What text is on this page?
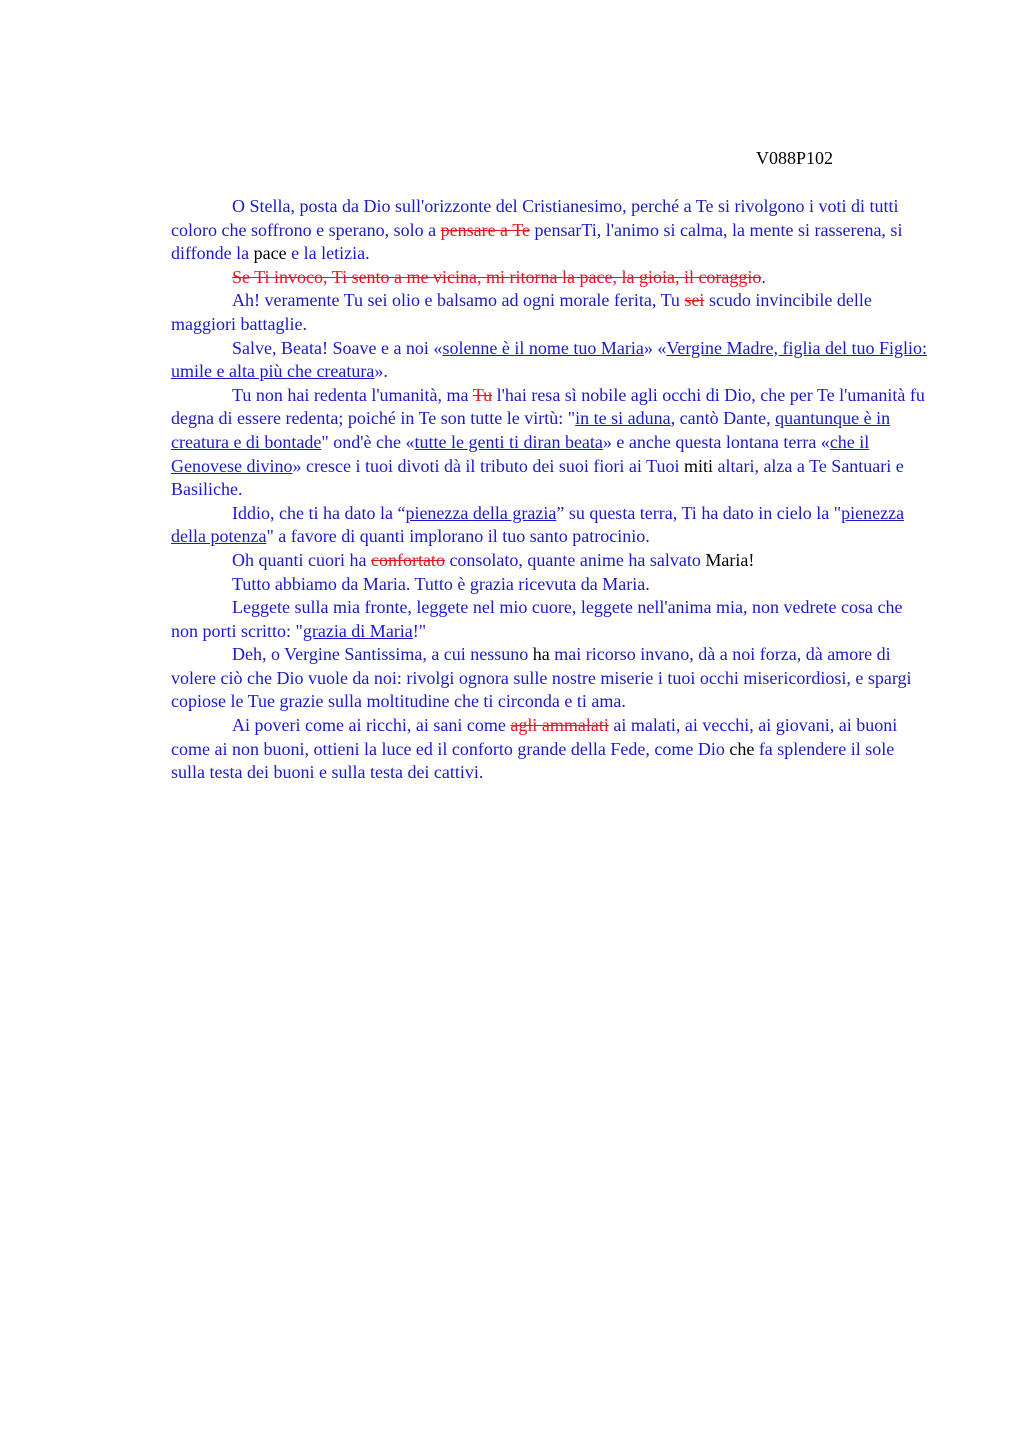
V088P102

O Stella, posta da Dio sull'orizzonte del Cristianesimo, perché a Te si rivolgono i voti di tutti coloro che soffrono e sperano, solo a pensare a Te pensarTi, l'animo si calma, la mente si rasserena, si diffonde la pace e la letizia.

Se Ti invoco, Ti sento a me vicina, mi ritorna la pace, la gioia, il coraggio.

Ah! veramente Tu sei olio e balsamo ad ogni morale ferita, Tu sei scudo invincibile delle maggiori battaglie.

Salve, Beata! Soave e a noi «solenne è il nome tuo Maria» «Vergine Madre, figlia del tuo Figlio: umile e alta più che creatura».

Tu non hai redenta l'umanità, ma Tu l'hai resa sì nobile agli occhi di Dio, che per Te l'umanità fu degna di essere redenta; poiché in Te son tutte le virtù: "in te si aduna, cantò Dante, quantunque è in creatura e di bontade" ond'è che «tutte le genti ti diran beata» e anche questa lontana terra «che il Genovese divino» cresce i tuoi divoti dà il tributo dei suoi fiori ai Tuoi miti altari, alza a Te Santuari e Basiliche.

Iddio, che ti ha dato la “pienezza della grazia” su questa terra, Ti ha dato in cielo la "pienezza della potenza" a favore di quanti implorano il tuo santo patrocinio.

Oh quanti cuori ha confortato consolato, quante anime ha salvato Maria!

Tutto abbiamo da Maria. Tutto è grazia ricevuta da Maria.

Leggete sulla mia fronte, leggete nel mio cuore, leggete nell'anima mia, non vedrete cosa che non porti scritto: "grazia di Maria!"

Deh, o Vergine Santissima, a cui nessuno ha mai ricorso invano, dà a noi forza, dà amore di volere ciò che Dio vuole da noi: rivolgi ognora sulle nostre miserie i tuoi occhi misericordiosi, e spargi copiose le Tue grazie sulla moltitudine che ti circonda e ti ama.

Ai poveri come ai ricchi, ai sani come agli ammalati ai malati, ai vecchi, ai giovani, ai buoni come ai non buoni, ottieni la luce ed il conforto grande della Fede, come Dio che fa splendere il sole sulla testa dei buoni e sulla testa dei cattivi.
